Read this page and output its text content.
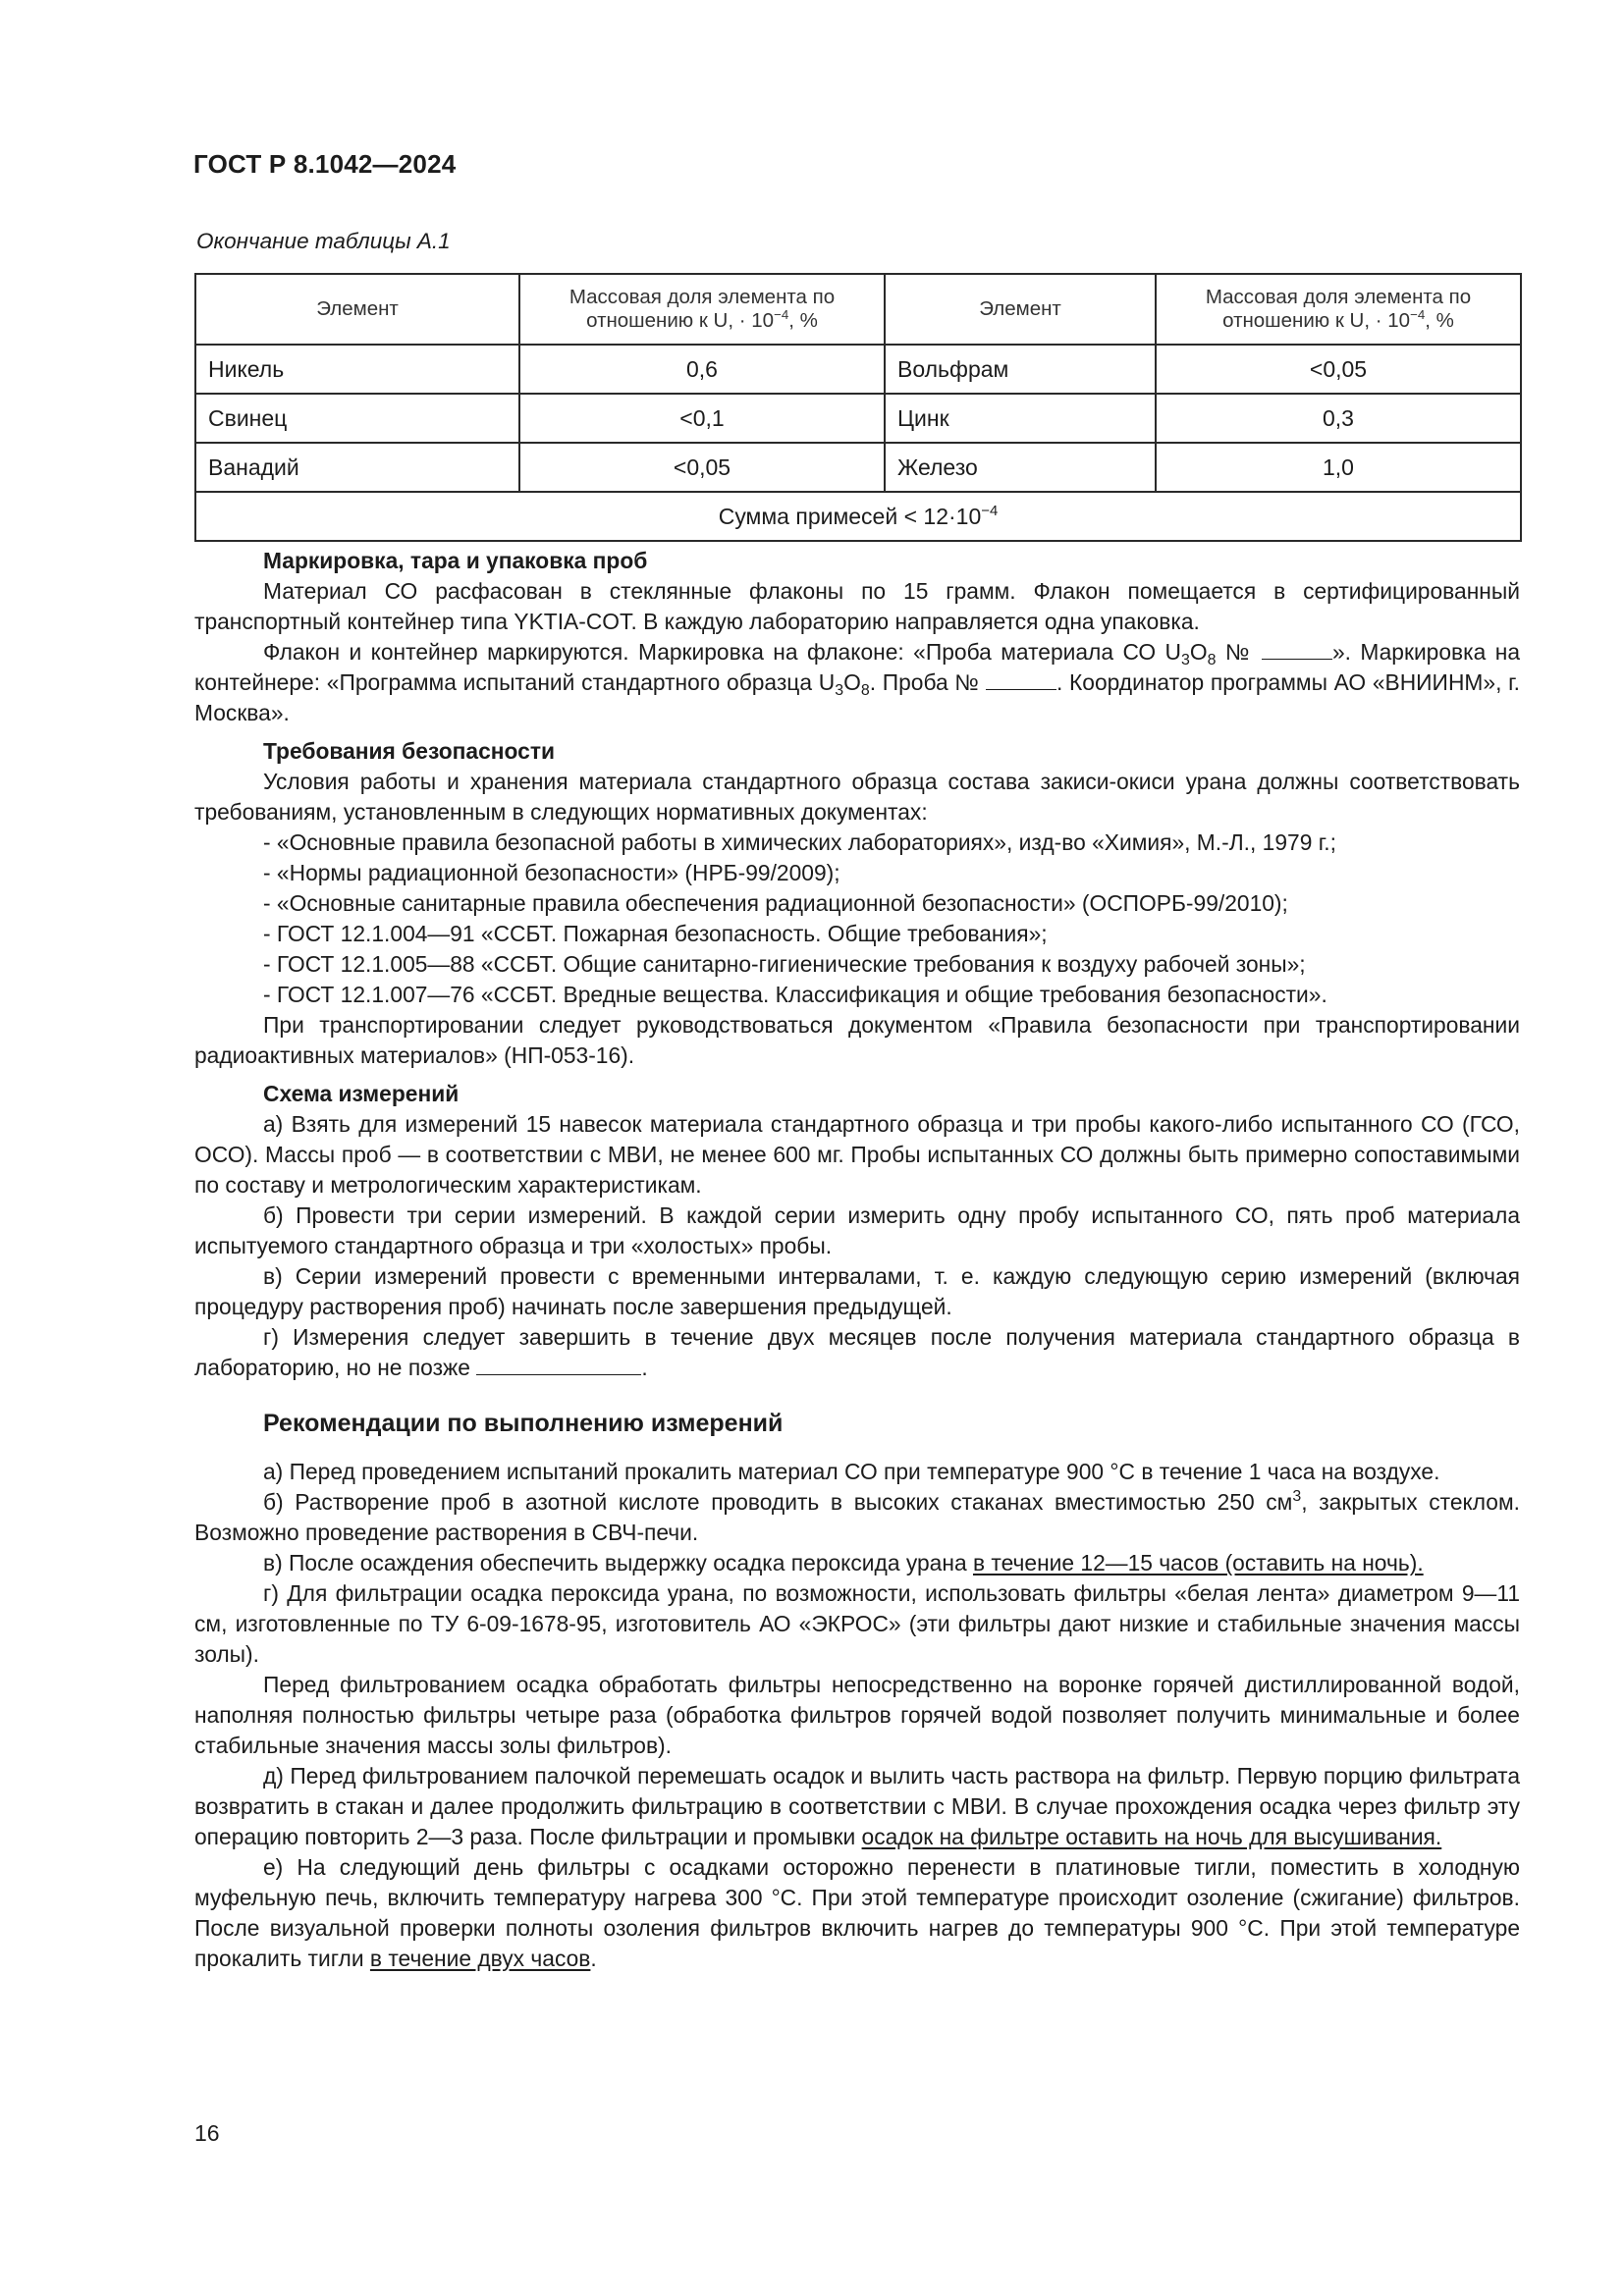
ГОСТ Р 8.1042—2024
Окончание таблицы А.1
Элемент	Массовая доля элемента по
отношению к U, · $10^{-4}$, %	Элемент	Массовая доля элемента по
отношению к U, · $10^{-4}$, %
Никель	0,6	Вольфрам	<0,05
Свинец	<0,1	Цинк	0,3
Ванадий	<0,05	Железо	1,0
Сумма примесей < $12\cdot 10^{-4}$
Маркировка, тара и упаковка проб

Материал СО расфасован в стеклянные флаконы по 15 грамм. Флакон помещается в сертифицированный транспортный контейнер типа YKTIA-COT. В каждую лабораторию направляется одна упаковка.

Флакон и контейнер маркируются. Маркировка на флаконе: «Проба материала СО $U_3O_8$ №	». Маркировка на контейнере: «Программа испытаний стандартного образца $U_3O_8$. Проба №	. Координатор программы АО «ВНИИНМ», г. Москва».

Требования безопасности

Условия работы и хранения материала стандартного образца состава закиси-окиси урана должны соответствовать требованиям, установленным в следующих нормативных документах:

- «Основные правила безопасной работы в химических лабораториях», изд-во «Химия», М.-Л., 1979 г.;

- «Нормы радиационной безопасности» (НРБ-99/2009);

- «Основные санитарные правила обеспечения радиационной безопасности» (ОСПОРБ-99/2010);

- ГОСТ 12.1.004—91 «ССБТ. Пожарная безопасность. Общие требования»;

- ГОСТ 12.1.005—88 «ССБТ. Общие санитарно-гигиенические требования к воздуху рабочей зоны»;

- ГОСТ 12.1.007—76 «ССБТ. Вредные вещества. Классификация и общие требования безопасности».

При транспортировании следует руководствоваться документом «Правила безопасности при транспортировании радиоактивных материалов» (НП-053-16).

Схема измерений

а) Взять для измерений 15 навесок материала стандартного образца и три пробы какого-либо испытанного СО (ГСО, ОСО). Массы проб — в соответствии с МВИ, не менее 600 мг. Пробы испытанных СО должны быть примерно сопоставимыми по составу и метрологическим характеристикам.

б) Провести три серии измерений. В каждой серии измерить одну пробу испытанного СО, пять проб материала испытуемого стандартного образца и три «холостых» пробы.

в) Серии измерений провести с временными интервалами, т. е. каждую следующую серию измерений (включая процедуру растворения проб) начинать после завершения предыдущей.

г) Измерения следует завершить в течение двух месяцев после получения материала стандартного образца в лабораторию, но не позже	.

Рекомендации по выполнению измерений

а) Перед проведением испытаний прокалить материал СО при температуре 900 °С в течение 1 часа на воздухе.

б) Растворение проб в азотной кислоте проводить в высоких стаканах вместимостью 250 $см^3$, закрытых стеклом. Возможно проведение растворения в СВЧ-печи.

в) После осаждения обеспечить выдержку осадка пероксида урана в течение 12—15 часов (оставить на ночь).

г) Для фильтрации осадка пероксида урана, по возможности, использовать фильтры «белая лента» диаметром 9—11 см, изготовленные по ТУ 6-09-1678-95, изготовитель АО «ЭКРОС» (эти фильтры дают низкие и стабильные значения массы золы).

Перед фильтрованием осадка обработать фильтры непосредственно на воронке горячей дистиллированной водой, наполняя полностью фильтры четыре раза (обработка фильтров горячей водой позволяет получить минимальные и более стабильные значения массы золы фильтров).

д) Перед фильтрованием палочкой перемешать осадок и вылить часть раствора на фильтр. Первую порцию фильтрата возвратить в стакан и далее продолжить фильтрацию в соответствии с МВИ. В случае прохождения осадка через фильтр эту операцию повторить 2—3 раза. После фильтрации и промывки осадок на фильтре оставить на ночь для высушивания.

е) На следующий день фильтры с осадками осторожно перенести в платиновые тигли, поместить в холодную муфельную печь, включить температуру нагрева 300 °С. При этой температуре происходит озоление (сжигание) фильтров. После визуальной проверки полноты озоления фильтров включить нагрев до температуры 900 °С. При этой температуре прокалить тигли в течение двух часов.

16
